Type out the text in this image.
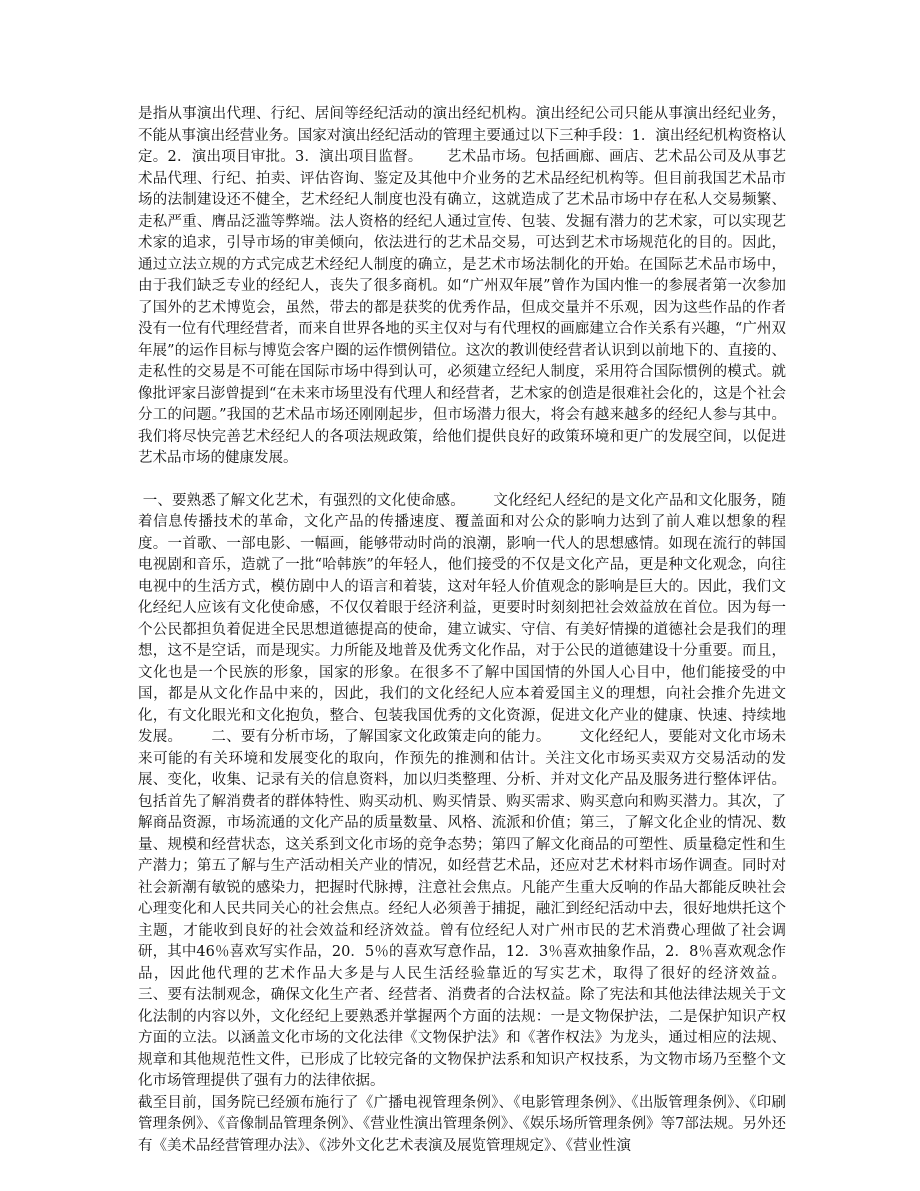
是指从事演出代理、行纪、居间等经纪活动的演出经纪机构。演出经纪公司只能从事演出经纪业务，不能从事演出经营业务。国家对演出经纪活动的管理主要通过以下三种手段：1．演出经纪机构资格认定。2．演出项目审批。3．演出项目监督。     艺术品市场。包括画廊、画店、艺术品公司及从事艺术品代理、行纪、拍卖、评估咨询、鉴定及其他中介业务的艺术品经纪机构等。但目前我国艺术品市场的法制建设还不健全，艺术经纪人制度也没有确立，这就造成了艺术品市场中存在私人交易频繁、走私严重、膺品泛滥等弊端。法人资格的经纪人通过宣传、包装、发掘有潜力的艺术家，可以实现艺术家的追求，引导市场的审美倾向，依法进行的艺术品交易，可达到艺术市场规范化的目的。因此，通过立法立规的方式完成艺术经纪人制度的确立，是艺术市场法制化的开始。在国际艺术品市场中，由于我们缺乏专业的经纪人，丧失了很多商机。如“广州双年展”曾作为国内惟一的参展者第一次参加了国外的艺术博览会，虽然，带去的都是获奖的优秀作品，但成交量并不乐观，因为这些作品的作者没有一位有代理经营者，而来自世界各地的买主仅对与有代理权的画廊建立合作关系有兴趣，“广州双年展”的运作目标与博览会客户圈的运作惯例错位。这次的教训使经营者认识到以前地下的、直接的、走私性的交易是不可能在国际市场中得到认可，必须建立经纪人制度，采用符合国际惯例的模式。就像批评家吕澎曾提到“在未来市场里没有代理人和经营者，艺术家的创造是很难社会化的，这是个社会分工的问题。”我国的艺术品市场还刚刚起步，但市场潜力很大，将会有越来越多的经纪人参与其中。我们将尽快完善艺术经纪人的各项法规政策，给他们提供良好的政策环境和更广的发展空间，以促进艺术品市场的健康发展。

一、要熟悉了解文化艺术，有强烈的文化使命感。      文化经纪人经纪的是文化产品和文化服务，随着信息传播技术的革命，文化产品的传播速度、覆盖面和对公众的影响力达到了前人难以想象的程度。一首歌、一部电影、一幅画，能够带动时尚的浪潮，影响一代人的思想感情。如现在流行的韩国电视剧和音乐，造就了一批“哈韩族”的年轻人，他们接受的不仅是文化产品，更是种文化观念，向往电视中的生活方式，模仿剧中人的语言和着装，这对年轻人价值观念的影响是巨大的。因此，我们文化经纪人应该有文化使命感，不仅仅着眼于经济利益，更要时时刻刻把社会效益放在首位。因为每一个公民都担负着促进全民思想道德提高的使命，建立诚实、守信、有美好情操的道德社会是我们的理想，这不是空话，而是现实。力所能及地普及优秀文化作品，对于公民的道德建设十分重要。而且，文化也是一个民族的形象，国家的形象。在很多不了解中国国情的外国人心目中，他们能接受的中国，都是从文化作品中来的，因此，我们的文化经纪人应本着爱国主义的理想，向社会推介先进文化，有文化眼光和文化抱负，整合、包装我国优秀的文化资源，促进文化产业的健康、快速、持续地发展。      二、要有分析市场，了解国家文化政策走向的能力。      文化经纪人，要能对文化市场未来可能的有关环境和发展变化的取向，作预先的推测和估计。关注文化市场买卖双方交易活动的发展、变化，收集、记录有关的信息资料，加以归类整理、分析、并对文化产品及服务进行整体评估。包括首先了解消费者的群体特性、购买动机、购买情景、购买需求、购买意向和购买潜力。其次，了解商品资源，市场流通的文化产品的质量数量、风格、流派和价值；第三，了解文化企业的情况、数量、规模和经营状态，这关系到文化市场的竞争态势；第四了解文化商品的可塑性、质量稳定性和生产潜力；第五了解与生产活动相关产业的情况，如经营艺术品，还应对艺术材料市场作调查。同时对社会新潮有敏锐的感染力，把握时代脉搏，注意社会焦点。凡能产生重大反响的作品大都能反映社会心理变化和人民共同关心的社会焦点。经纪人必须善于捕捉，融汇到经纪活动中去，很好地烘托这个主题，才能收到良好的社会效益和经济效益。曾有位经纪人对广州市民的艺术消费心理做了社会调研，其中46％喜欢写实作品，20．5％的喜欢写意作品，12．3％喜欢抽象作品，2．8％喜欢观念作品，因此他代理的艺术作品大多是与人民生活经验靠近的写实艺术，取得了很好的经济效益。      三、要有法制观念，确保文化生产者、经营者、消费者的合法权益。除了宪法和其他法律法规关于文化法制的内容以外，文化经纪上要熟悉并掌握两个方面的法规：一是文物保护法，二是保护知识产权方面的立法。以涵盖文化市场的文化法律《文物保护法》和《著作权法》为龙头，通过相应的法规、规章和其他规范性文件，已形成了比较完备的文物保护法系和知识产权技系，为文物市场乃至整个文化市场管理提供了强有力的法律依据。

截至目前，国务院已经颁布施行了《广播电视管理条例》、《电影管理条例》、《出版管理条例》、《印刷管理条例》、《音像制品管理条例》、《营业性演出管理条例》、《娱乐场所管理条例》等7部法规。另外还有《美术品经营管理办法》、《涉外文化艺术表演及展览管理规定》、《营业性演
